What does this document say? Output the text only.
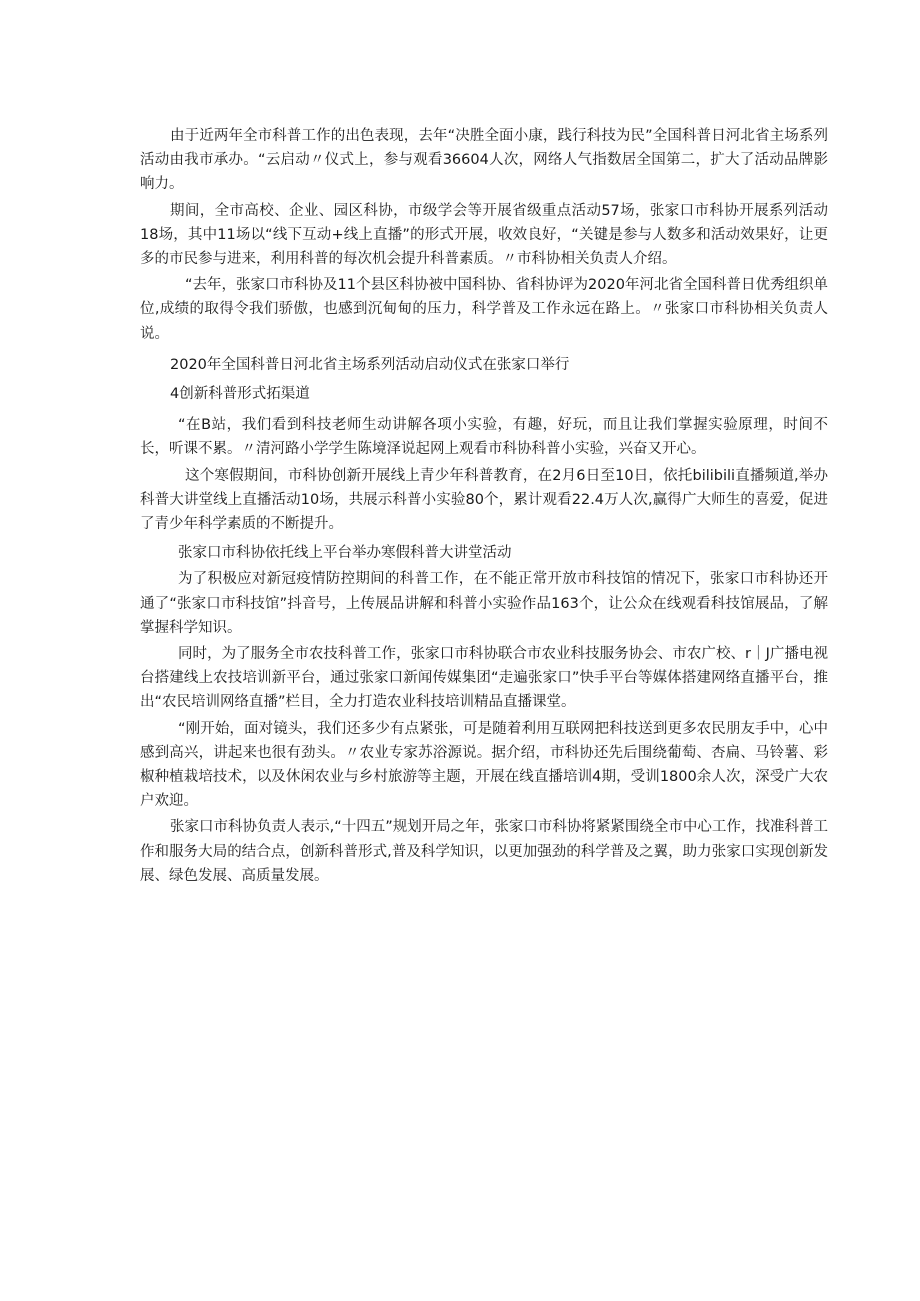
由于近两年全市科普工作的出色表现，去年“决胜全面小康，践行科技为民”全国科普日河北省主场系列活动由我市承办。“云启动〃仪式上，参与观看36604人次，网络人气指数居全国第二，扩大了活动品牌影响力。

期间，全市高校、企业、园区科协，市级学会等开展省级重点活动57场，张家口市科协开展系列活动18场，其中11场以“线下互动+线上直播”的形式开展，收效良好，“关键是参与人数多和活动效果好，让更多的市民参与进来，利用科普的每次机会提升科普素质。〃市科协相关负责人介绍。

“去年，张家口市科协及11个县区科协被中国科协、省科协评为2020年河北省全国科普日优秀组织单位,成绩的取得令我们骄傲，也感到沉甸甸的压力，科学普及工作永远在路上。〃张家口市科协相关负责人说。

2020年全国科普日河北省主场系列活动启动仪式在张家口举行

4创新科普形式拓渠道

“在B站，我们看到科技老师生动讲解各项小实验，有趣，好玩，而且让我们掌握实验原理，时间不长，听课不累。〃清河路小学学生陈境泽说起网上观看市科协科普小实验，兴奋又开心。

这个寒假期间，市科协创新开展线上青少年科普教育，在2月6日至10日，依托bilibili直播频道,举办科普大讲堂线上直播活动10场，共展示科普小实验80个，累计观看22.4万人次,赢得广大师生的喜爱，促进了青少年科学素质的不断提升。

张家口市科协依托线上平台举办寒假科普大讲堂活动

为了积极应对新冠疫情防控期间的科普工作，在不能正常开放市科技馆的情况下，张家口市科协还开通了“张家口市科技馆”抖音号，上传展品讲解和科普小实验作品163个，让公众在线观看科技馆展品，了解掌握科学知识。

同时，为了服务全市农技科普工作，张家口市科协联合市农业科技服务协会、市农广校、r｜J广播电视台搭建线上农技培训新平台，通过张家口新闻传媒集团“走遍张家口”快手平台等媒体搭建网络直播平台，推出“农民培训网络直播”栏目，全力打造农业科技培训精品直播课堂。

“刚开始，面对镜头，我们还多少有点紧张，可是随着利用互联网把科技送到更多农民朋友手中，心中感到高兴，讲起来也很有劲头。〃农业专家苏浴源说。据介绍，市科协还先后围绕葡萄、杏扁、马铃薯、彩椒种植栽培技术，以及休闲农业与乡村旅游等主题，开展在线直播培训4期，受训1800余人次，深受广大农户欢迎。

张家口市科协负责人表示,“十四五”规划开局之年，张家口市科协将紧紧围绕全市中心工作，找准科普工作和服务大局的结合点，创新科普形式,普及科学知识，以更加强劲的科学普及之翼，助力张家口实现创新发展、绿色发展、高质量发展。
